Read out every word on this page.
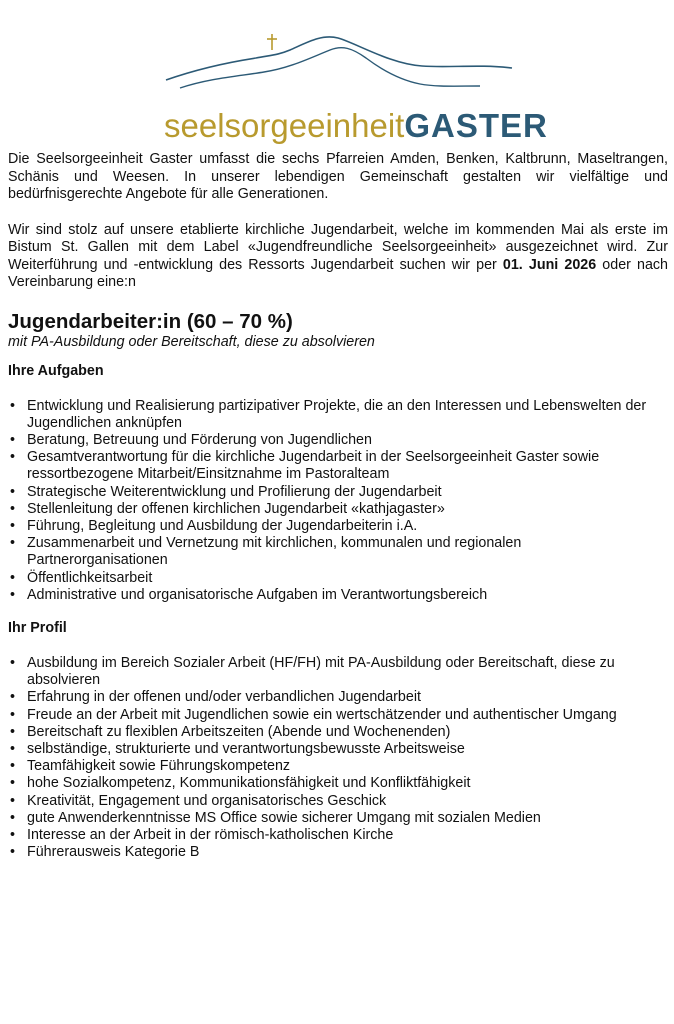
seelsorgeeinheitGASTER

Die Seelsorgeeinheit Gaster umfasst die sechs Pfarreien Amden, Benken, Kaltbrunn, Maseltrangen, Schänis und Weesen. In unserer lebendigen Gemeinschaft gestalten wir vielfältige und bedürfnisgerechte Angebote für alle Generationen.

Wir sind stolz auf unsere etablierte kirchliche Jugendarbeit, welche im kommenden Mai als erste im Bistum St. Gallen mit dem Label «Jugendfreundliche Seelsorgeeinheit» ausgezeichnet wird. Zur Weiterführung und -entwicklung des Ressorts Jugendarbeit suchen wir per 01. Juni 2026 oder nach Vereinbarung eine:n

Jugendarbeiter:in (60 – 70 %)
mit PA-Ausbildung oder Bereitschaft, diese zu absolvieren
Ihre Aufgaben
• Entwicklung und Realisierung partizipativer Projekte, die an den Interessen und Lebenswelten der Jugendlichen anknüpfen
• Beratung, Betreuung und Förderung von Jugendlichen
• Gesamtverantwortung für die kirchliche Jugendarbeit in der Seelsorgeeinheit Gaster sowie ressortbezogene Mitarbeit/Einsitznahme im Pastoralteam
• Strategische Weiterentwicklung und Profilierung der Jugendarbeit
• Stellenleitung der offenen kirchlichen Jugendarbeit «kathjagaster»
• Führung, Begleitung und Ausbildung der Jugendarbeiterin i.A.
• Zusammenarbeit und Vernetzung mit kirchlichen, kommunalen und regionalen Partnerorganisationen
• Öffentlichkeitsarbeit
• Administrative und organisatorische Aufgaben im Verantwortungsbereich
Ihr Profil
• Ausbildung im Bereich Sozialer Arbeit (HF/FH) mit PA-Ausbildung oder Bereitschaft, diese zu absolvieren
• Erfahrung in der offenen und/oder verbandlichen Jugendarbeit
• Freude an der Arbeit mit Jugendlichen sowie ein wertschätzender und authentischer Umgang
• Bereitschaft zu flexiblen Arbeitszeiten (Abende und Wochenenden)
• selbständige, strukturierte und verantwortungsbewusste Arbeitsweise
• Teamfähigkeit sowie Führungskompetenz
• hohe Sozialkompetenz, Kommunikationsfähigkeit und Konfliktfähigkeit
• Kreativität, Engagement und organisatorisches Geschick
• gute Anwenderkenntnisse MS Office sowie sicherer Umgang mit sozialen Medien
• Interesse an der Arbeit in der römisch-katholischen Kirche
• Führerausweis Kategorie B
